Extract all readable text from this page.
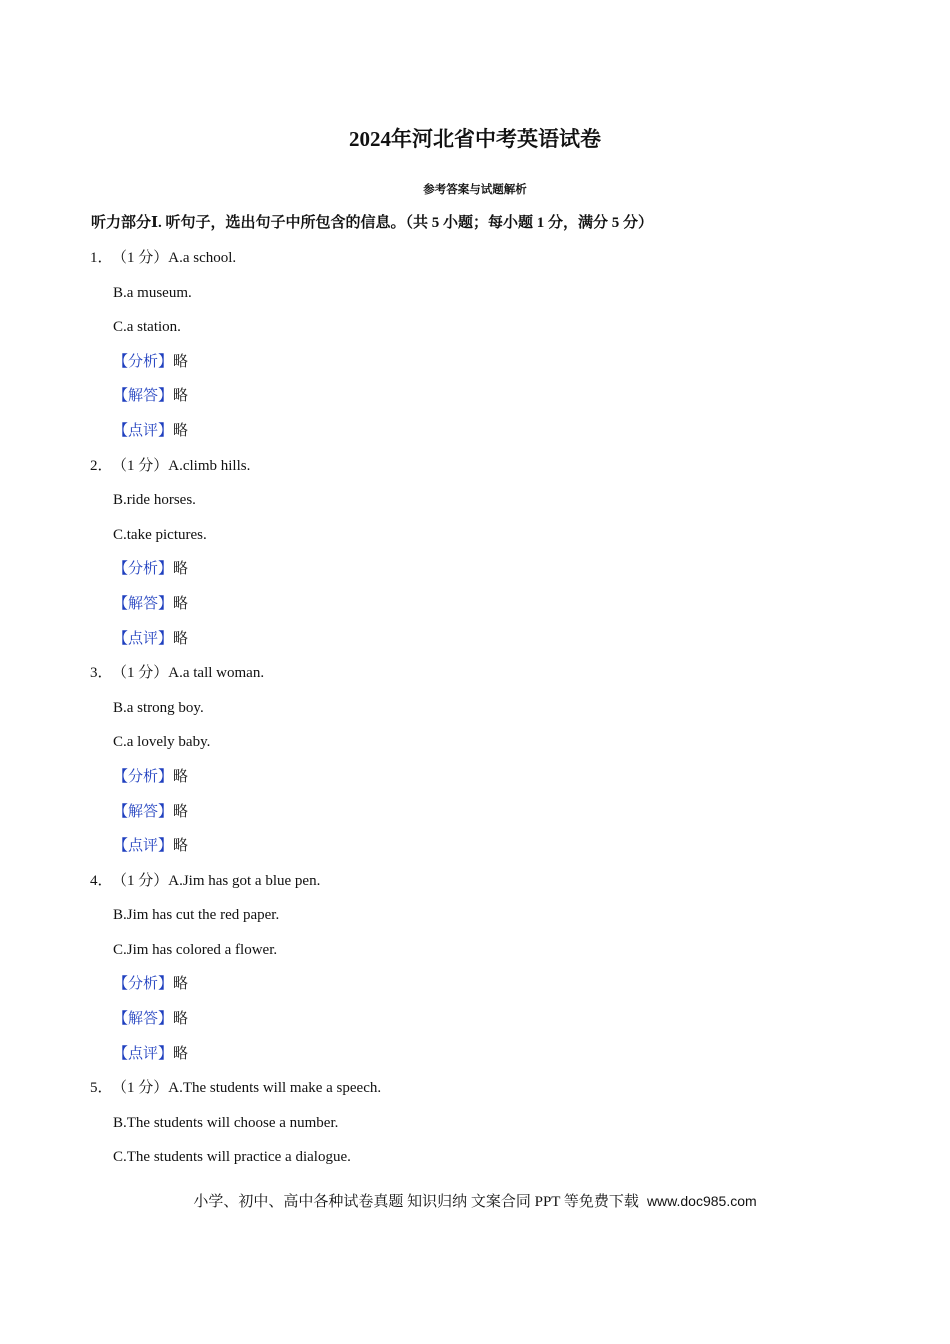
2024年河北省中考英语试卷
参考答案与试题解析
听力部分Ⅰ. 听句子，选出句子中所包含的信息。（共 5 小题；每小题 1 分，满分 5 分）
1．（1 分）A.a school.
B.a museum.
C.a station.
【分析】略
【解答】略
【点评】略
2．（1 分）A.climb hills.
B.ride horses.
C.take pictures.
【分析】略
【解答】略
【点评】略
3．（1 分）A.a tall woman.
B.a strong boy.
C.a lovely baby.
【分析】略
【解答】略
【点评】略
4．（1 分）A.Jim has got a blue pen.
B.Jim has cut the red paper.
C.Jim has colored a flower.
【分析】略
【解答】略
【点评】略
5．（1 分）A.The students will make a speech.
B.The students will choose a number.
C.The students will practice a dialogue.
小学、初中、高中各种试卷真题 知识归纳 文案合同 PPT 等免费下载 www.doc985.com
